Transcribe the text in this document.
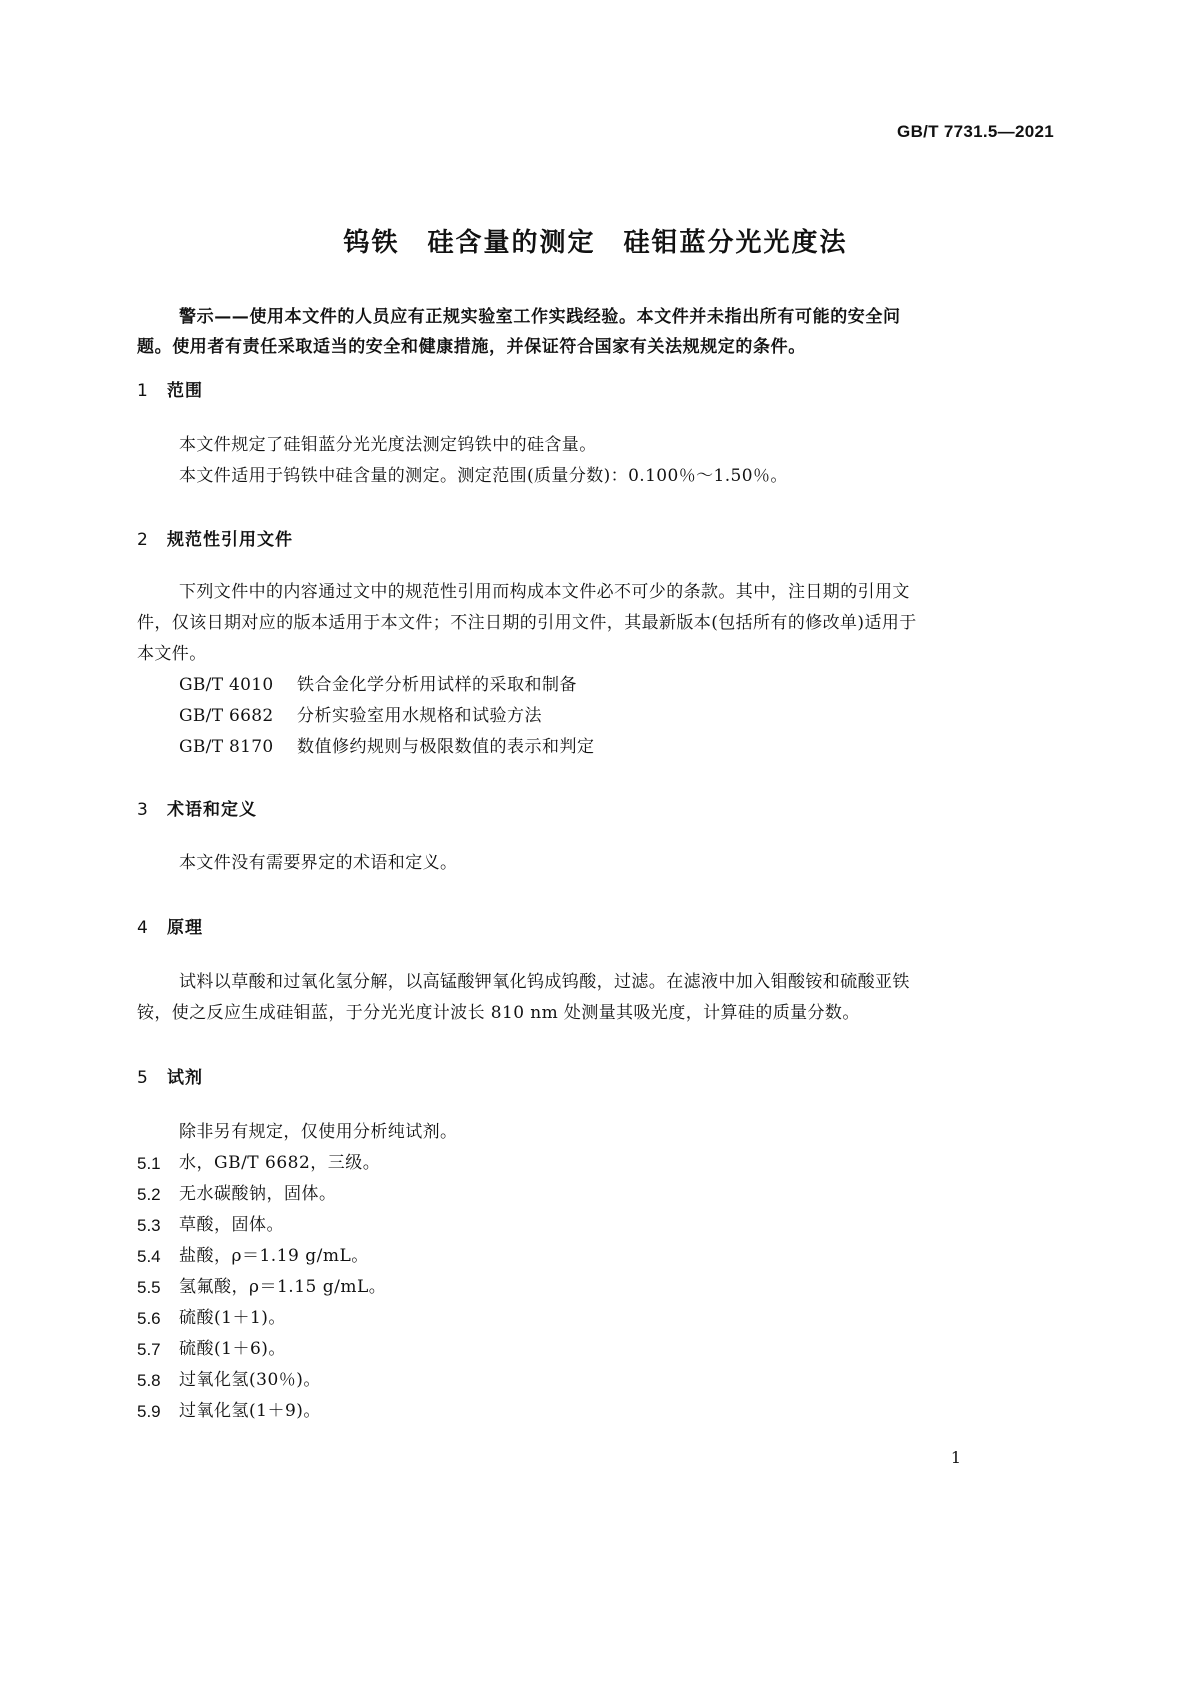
GB/T 7731.5—2021
钨铁　硅含量的测定　硅钼蓝分光光度法

警示——使用本文件的人员应有正规实验室工作实践经验。本文件并未指出所有可能的安全问

题。使用者有责任采取适当的安全和健康措施，并保证符合国家有关法规规定的条件。

1 范围

本文件规定了硅钼蓝分光光度法测定钨铁中的硅含量。

本文件适用于钨铁中硅含量的测定。测定范围(质量分数)：0.100％～1.50％。

2 规范性引用文件

下列文件中的内容通过文中的规范性引用而构成本文件必不可少的条款。其中，注日期的引用文

件，仅该日期对应的版本适用于本文件；不注日期的引用文件，其最新版本(包括所有的修改单)适用于

本文件。

GB/T 4010	铁合金化学分析用试样的采取和制备
GB/T 6682	分析实验室用水规格和试验方法
GB/T 8170	数值修约规则与极限数值的表示和判定
3 术语和定义

本文件没有需要界定的术语和定义。

4 原理

试料以草酸和过氧化氢分解，以高锰酸钾氧化钨成钨酸，过滤。在滤液中加入钼酸铵和硫酸亚铁

铵，使之反应生成硅钼蓝，于分光光度计波长 810 nm 处测量其吸光度，计算硅的质量分数。

5 试剂

除非另有规定，仅使用分析纯试剂。

5.1	水，GB/T 6682，三级。
5.2	无水碳酸钠，固体。
5.3	草酸，固体。
5.4	盐酸，ρ＝1.19 g/mL。
5.5	氢氟酸，ρ＝1.15 g/mL。
5.6	硫酸(1＋1)。
5.7	硫酸(1＋6)。
5.8	过氧化氢(30％)。
5.9	过氧化氢(1＋9)。
1
